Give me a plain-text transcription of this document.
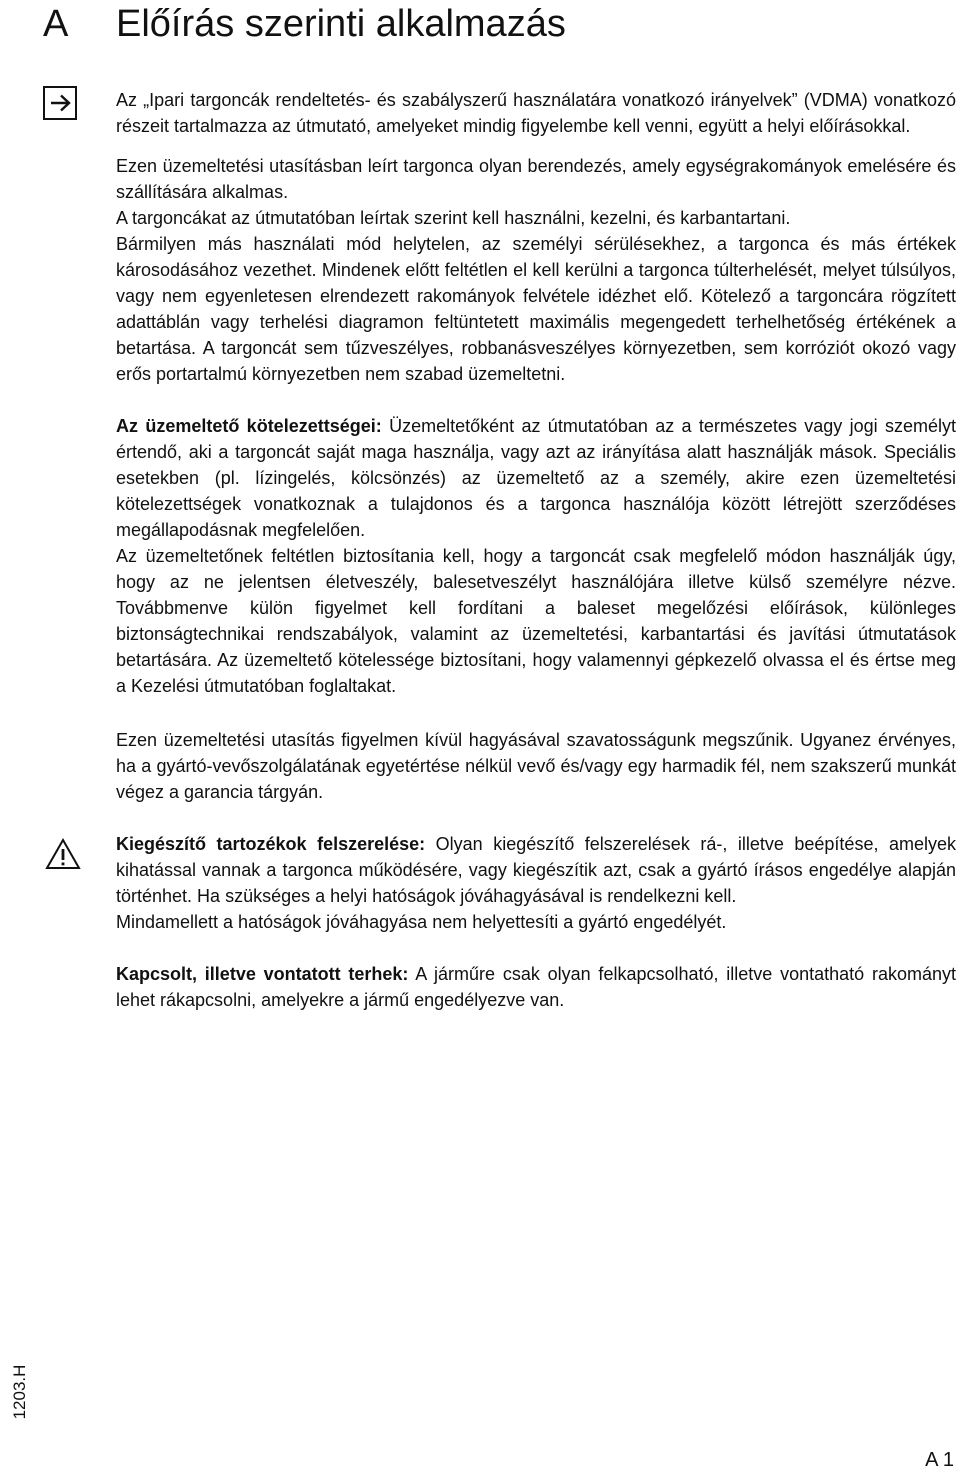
A Előírás szerinti alkalmazás

Az „Ipari targoncák rendeltetés- és szabályszerű használatára vonatkozó irányelvek” (VDMA) vonatkozó részeit tartalmazza az útmutató, amelyeket mindig figyelembe kell venni, együtt a helyi előírásokkal.

Ezen üzemeltetési utasításban leírt targonca olyan berendezés, amely egységrakományok emelésére és szállítására alkalmas.

A targoncákat az útmutatóban leírtak szerint kell használni, kezelni, és karbantartani.

Bármilyen más használati mód helytelen, az személyi sérülésekhez, a targonca és más értékek károsodásához vezethet. Mindenek előtt feltétlen el kell kerülni a targonca túlterhelését, melyet túlsúlyos, vagy nem egyenletesen elrendezett rakományok felvétele idézhet elő. Kötelező a targoncára rögzített adattáblán vagy terhelési diagramon feltüntetett maximális megengedett terhelhetőség értékének a betartása. A targoncát sem tűzveszélyes, robbanásveszélyes környezetben, sem korróziót okozó vagy erős portartalmú környezetben nem szabad üzemeltetni.

Az üzemeltető kötelezettségei: Üzemeltetőként az útmutatóban az a természetes vagy jogi személyt értendő, aki a targoncát saját maga használja, vagy azt az irányítása alatt használják mások. Speciális esetekben (pl. lízingelés, kölcsönzés) az üzemeltető az a személy, akire ezen üzemeltetési kötelezettségek vonatkoznak a tulajdonos és a targonca használója között létrejött szerződéses megállapodásnak megfelelően.

Az üzemeltetőnek feltétlen biztosítania kell, hogy a targoncát csak megfelelő módon használják úgy, hogy az ne jelentsen életveszély, balesetveszélyt használójára illetve külső személyre nézve. Továbbmenve külön figyelmet kell fordítani a baleset megelőzési előírások, különleges biztonságtechnikai rendszabályok, valamint az üzemeltetési, karbantartási és javítási útmutatások betartására. Az üzemeltető kötelessége biztosítani, hogy valamennyi gépkezelő olvassa el és értse meg a Kezelési útmutatóban foglaltakat.

Ezen üzemeltetési utasítás figyelmen kívül hagyásával szavatosságunk megszűnik. Ugyanez érvényes, ha a gyártó-vevőszolgálatának egyetértése nélkül vevő és/vagy egy harmadik fél, nem szakszerű munkát végez a garancia tárgyán.

Kiegészítő tartozékok felszerelése: Olyan kiegészítő felszerelések rá-, illetve beépítése, amelyek kihatással vannak a targonca működésére, vagy kiegészítik azt, csak a gyártó írásos engedélye alapján történhet. Ha szükséges a helyi hatóságok jóváhagyásával is rendelkezni kell.

Mindamellett a hatóságok jóváhagyása nem helyettesíti a gyártó engedélyét.

Kapcsolt, illetve vontatott terhek: A járműre csak olyan felkapcsolható, illetve vontatható rakományt lehet rákapcsolni, amelyekre a jármű engedélyezve van.

1203.H
A 1
